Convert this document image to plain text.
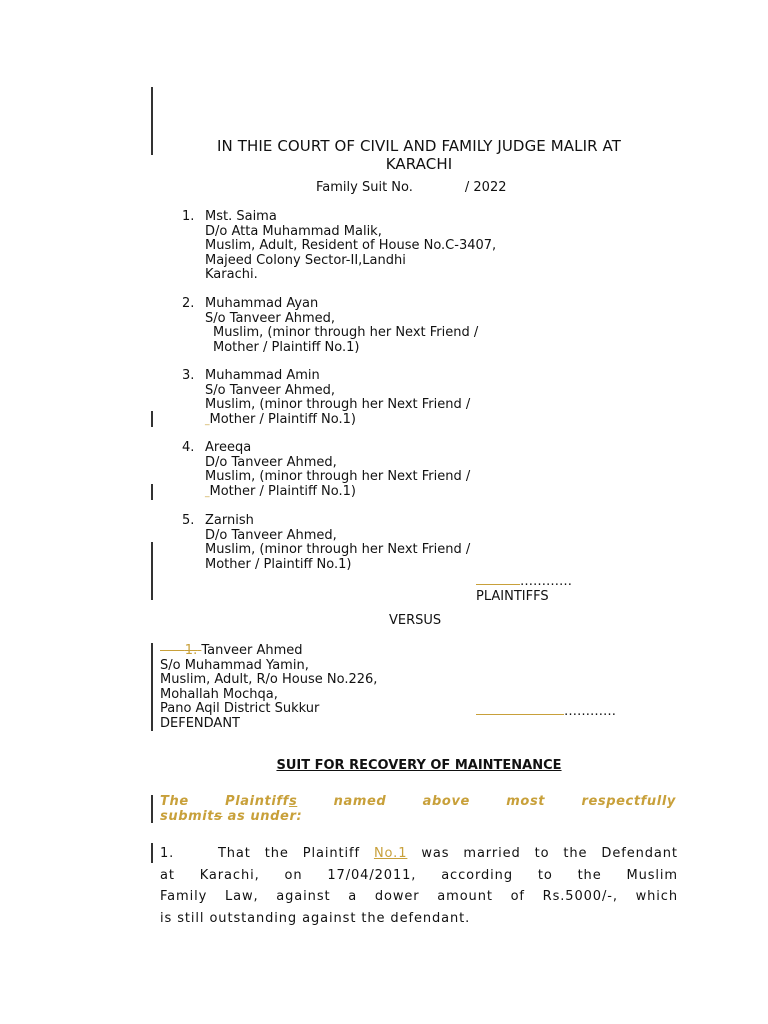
IN THIE COURT OF CIVIL AND FAMILY JUDGE MALIR AT
KARACHI
Family Suit No.	/ 2022
1. Mst. Saima
D/o Atta Muhammad Malik,
Muslim, Adult, Resident of House No.C-3407,
Majeed Colony Sector-II,Landhi
Karachi.
2. Muhammad Ayan
S/o Tanveer Ahmed,
Muslim, (minor through her Next Friend /
Mother / Plaintiff No.1)
3. Muhammad Amin
S/o Tanveer Ahmed,
Muslim, (minor through her Next Friend /
_Mother / Plaintiff No.1)
4. Areeqa
D/o Tanveer Ahmed,
Muslim, (minor through her Next Friend /
_Mother / Plaintiff No.1)
5. Zarnish
D/o Tanveer Ahmed,
Muslim, (minor through her Next Friend /
Mother / Plaintiff No.1)
…………
PLAINTIFFS
VERSUS
1. Tanveer Ahmed
S/o Muhammad Yamin,
Muslim, Adult, R/o House No.226,
Mohallah Mochqa,
Pano Aqil District Sukkur
DEFENDANT
…………
SUIT FOR RECOVERY OF MAINTENANCE
The	Plaintiffs	named	above	most	respectfully
submits as under:
1.	That the Plaintiff No.1 was married to the Defendant
at Karachi, on 17/04/2011, according to the Muslim
Family Law, against a dower amount of Rs.5000/-, which
is still outstanding against the defendant.
